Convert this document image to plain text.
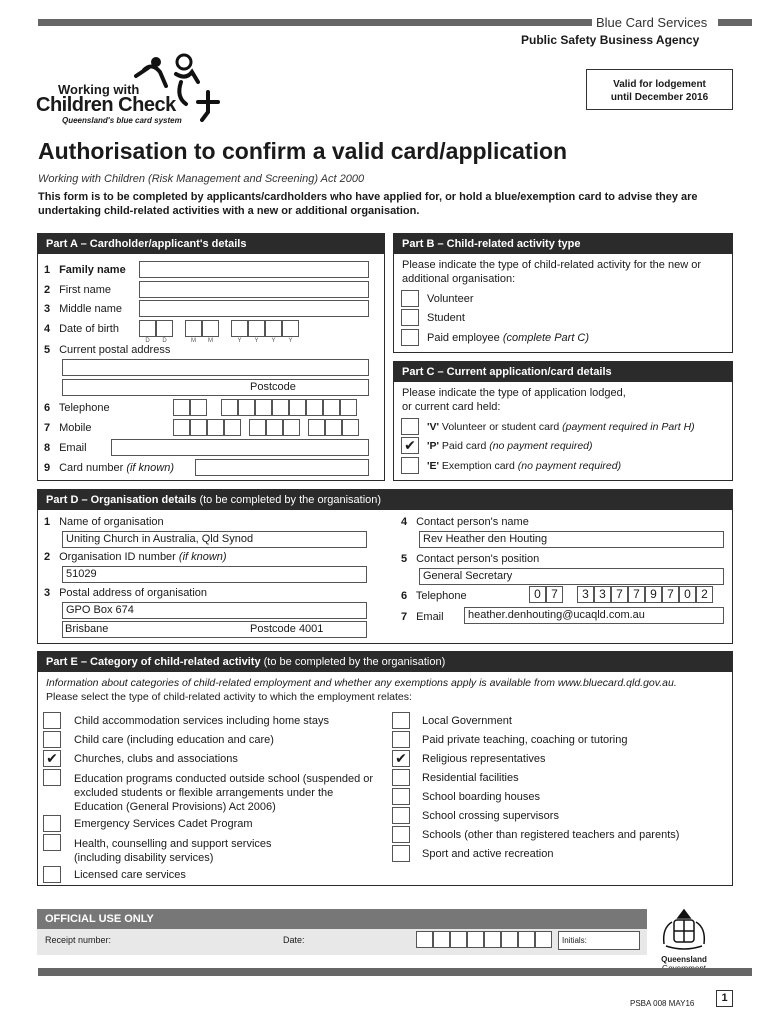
Blue Card Services
Public Safety Business Agency
Working with
Children Check
Queensland's blue card system
Valid for lodgement
until December 2016
Authorisation to confirm a valid card/application
Working with Children (Risk Management and Screening) Act 2000
This form is to be completed by applicants/cardholders who have applied for, or hold a blue/exemption card to advise they are undertaking child-related activities with a new or additional organisation.
Part A – Cardholder/applicant's details
1 Family name
2 First name
3 Middle name
4 Date of birth
D	D	M	M	Y	Y	Y	Y
5 Current postal address
Postcode
6 Telephone
7 Mobile
8 Email
9 Card number (if known)
Part B – Child-related activity type
Please indicate the type of child-related activity for the new or additional organisation:
Volunteer
Student
Paid employee (complete Part C)
Part C – Current application/card details
Please indicate the type of application lodged,
or current card held:
'V' Volunteer or student card (payment required in Part H)
✔ 'P' Paid card (no payment required)
'E' Exemption card (no payment required)
Part D – Organisation details (to be completed by the organisation)
1 Name of organisation
Uniting Church in Australia, Qld Synod
2 Organisation ID number (if known)
51029
3 Postal address of organisation
GPO Box 674
Brisbane	Postcode 4001
4 Contact person's name
Rev Heather den Houting
5 Contact person's position
General Secretary
6 Telephone	0 7	3 3 7 7 9 7 0 2
7 Email	heather.denhouting@ucaqld.com.au
Part E – Category of child-related activity (to be completed by the organisation)
Information about categories of child-related employment and whether any exemptions apply is available from www.bluecard.qld.gov.au.
Please select the type of child-related activity to which the employment relates:
Child accommodation services including home stays
Child care (including education and care)
✔ Churches, clubs and associations
Education programs conducted outside school (suspended or excluded students or flexible arrangements under the Education (General Provisions) Act 2006)
Emergency Services Cadet Program
Health, counselling and support services (including disability services)
Licensed care services
Local Government
Paid private teaching, coaching or tutoring
✔ Religious representatives
Residential facilities
School boarding houses
School crossing supervisors
Schools (other than registered teachers and parents)
Sport and active recreation
OFFICIAL USE ONLY
Receipt number:	Date:	Initials:
Queensland
PSBA 008 MAY16	1
